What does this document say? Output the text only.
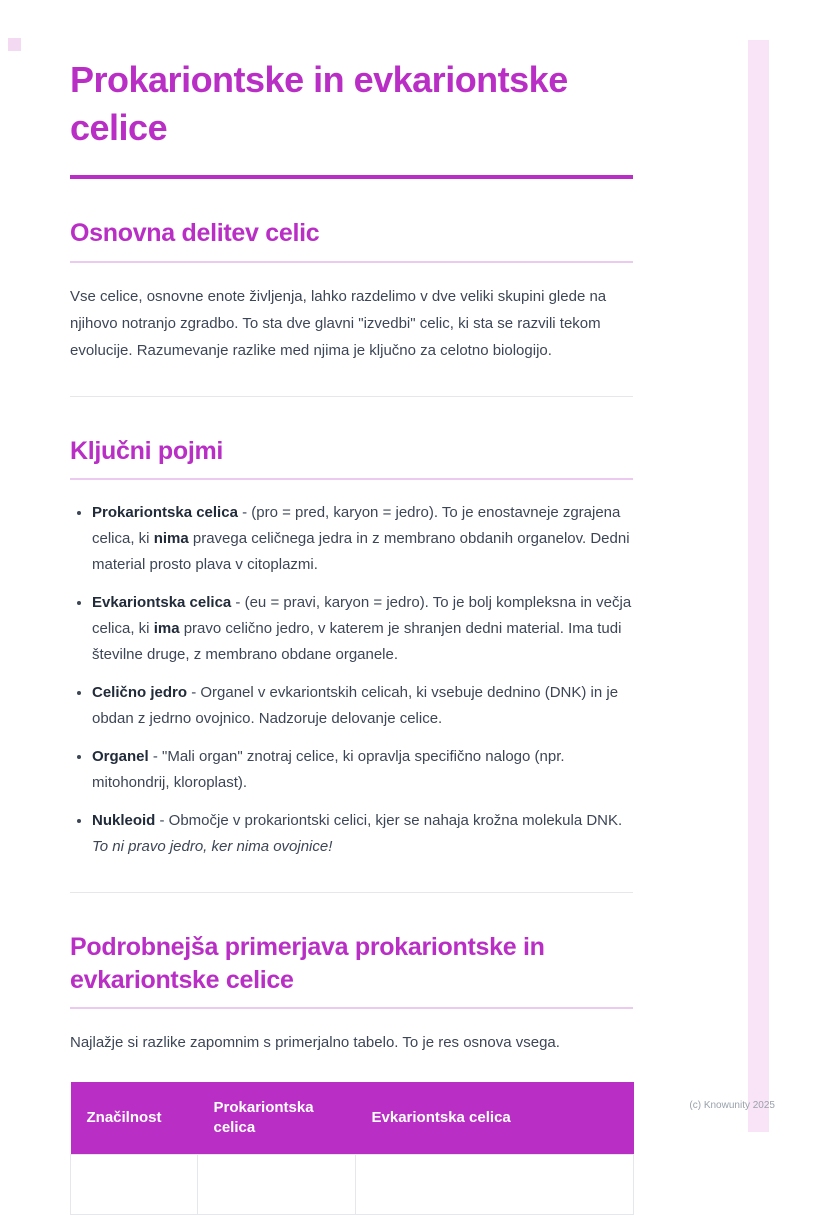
Prokariontske in evkariontske celice
Osnovna delitev celic

Vse celice, osnovne enote življenja, lahko razdelimo v dve veliki skupini glede na njihovo notranjo zgradbo. To sta dve glavni "izvedbi" celic, ki sta se razvili tekom evolucije. Razumevanje razlike med njima je ključno za celotno biologijo.

Ključni pojmi
• Prokariontska celica - (pro = pred, karyon = jedro). To je enostavneje zgrajena celica, ki nima pravega celičnega jedra in z membrano obdanih organelov. Dedni material prosto plava v citoplazmi.
• Evkariontska celica - (eu = pravi, karyon = jedro). To je bolj kompleksna in večja celica, ki ima pravo celično jedro, v katerem je shranjen dedni material. Ima tudi številne druge, z membrano obdane organele.
• Celično jedro - Organel v evkariontskih celicah, ki vsebuje dednino (DNK) in je obdan z jedrno ovojnico. Nadzoruje delovanje celice.
• Organel - "Mali organ" znotraj celice, ki opravlja specifično nalogo (npr. mitohondrij, kloroplast).
• Nukleoid - Območje v prokariontski celici, kjer se nahaja krožna molekula DNK. To ni pravo jedro, ker nima ovojnice!
Podrobnejša primerjava prokariontske in evkariontske celice

Najlažje si razlike zapomnim s primerjalno tabelo. To je res osnova vsega.

Značilnost	Prokariontska celica	Evkariontska celica

(c) Knowunity 2025
